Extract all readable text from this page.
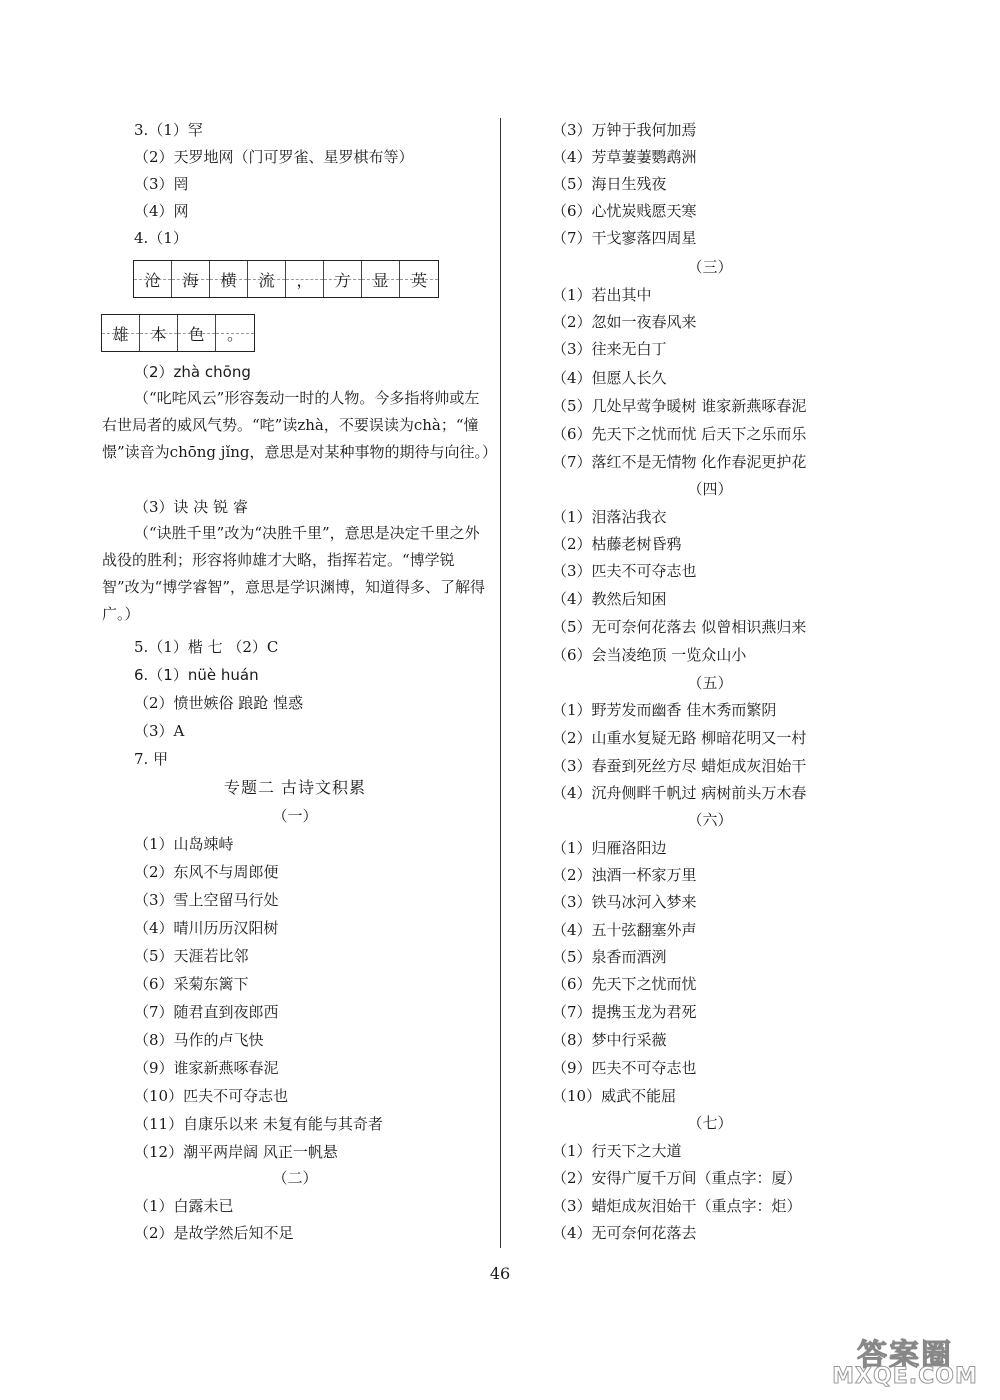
3.（1）罕
（2）天罗地网（门可罗雀、星罗棋布等）
（3）罔
（4）网
4.（1）
沧 海 横 流 ， 方 显 英
雄 本 色 。
（2）zhà chōng
（“叱咤风云”形容轰动一时的人物。今多指将帅或左右世局者的威风气势。“咤”读zhà，不要误读为chà；“憧憬”读音为chōng jǐng，意思是对某种事物的期待与向往。）
（3）诀 决 锐 睿
（“诀胜千里”改为“决胜千里”，意思是决定千里之外战役的胜利；形容将帅雄才大略，指挥若定。“博学锐智”改为“博学睿智”，意思是学识渊博，知道得多、了解得广。）
5.（1）楷 七 （2）C
6.（1）nüè huán
（2）愤世嫉俗 踉跄 惶惑
（3）A
7. 甲
专题二 古诗文积累
（一）
（1）山岛竦峙
（2）东风不与周郎便
（3）雪上空留马行处
（4）晴川历历汉阳树
（5）天涯若比邻
（6）采菊东篱下
（7）随君直到夜郎西
（8）马作的卢飞快
（9）谁家新燕啄春泥
（10）匹夫不可夺志也
（11）自康乐以来 未复有能与其奇者
（12）潮平两岸阔 风正一帆悬
（二）
（1）白露未已
（2）是故学然后知不足
（3）万钟于我何加焉
（4）芳草萋萋鹦鹉洲
（5）海日生残夜
（6）心忧炭贱愿天寒
（7）干戈寥落四周星
（三）
（1）若出其中
（2）忽如一夜春风来
（3）往来无白丁
（4）但愿人长久
（5）几处早莺争暖树 谁家新燕啄春泥
（6）先天下之忧而忧 后天下之乐而乐
（7）落红不是无情物 化作春泥更护花
（四）
（1）泪落沾我衣
（2）枯藤老树昏鸦
（3）匹夫不可夺志也
（4）教然后知困
（5）无可奈何花落去 似曾相识燕归来
（6）会当凌绝顶 一览众山小
（五）
（1）野芳发而幽香 佳木秀而繁阴
（2）山重水复疑无路 柳暗花明又一村
（3）春蚕到死丝方尽 蜡炬成灰泪始干
（4）沉舟侧畔千帆过 病树前头万木春
（六）
（1）归雁洛阳边
（2）浊酒一杯家万里
（3）铁马冰河入梦来
（4）五十弦翻塞外声
（5）泉香而酒洌
（6）先天下之忧而忧
（7）提携玉龙为君死
（8）梦中行采薇
（9）匹夫不可夺志也
（10）威武不能屈
（七）
（1）行天下之大道
（2）安得广厦千万间（重点字：厦）
（3）蜡炬成灰泪始干（重点字：炬）
（4）无可奈何花落去
46
答案圈
MXQE.COM
